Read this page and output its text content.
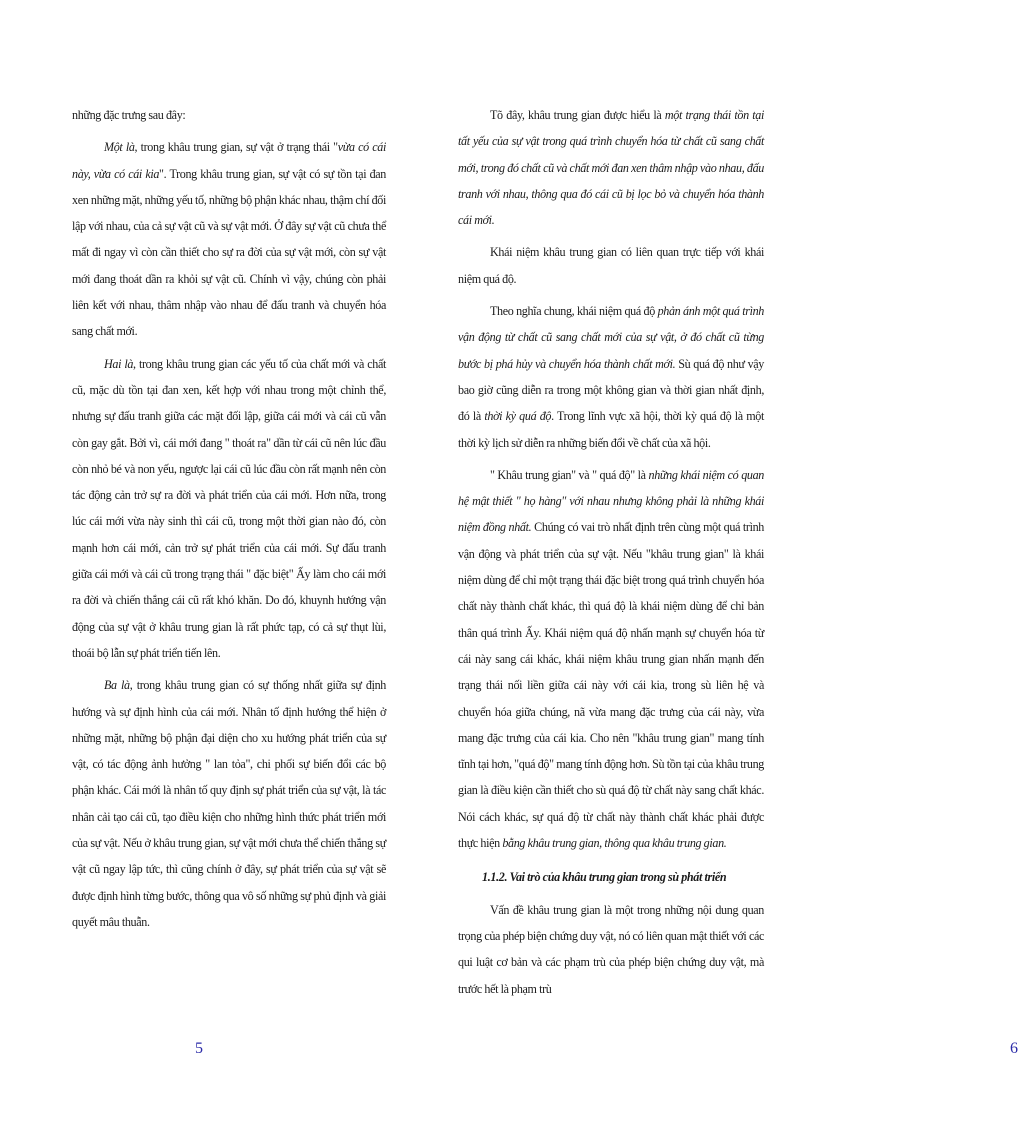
những đặc trưng sau đây:

Một là, trong khâu trung gian, sự vật ở trạng thái "vừa có cái này, vừa có cái kia". Trong khâu trung gian, sự vật có sự tồn tại đan xen những mặt, những yếu tố, những bộ phận khác nhau, thậm chí đối lập với nhau, của cả sự vật cũ và sự vật mới. Ở đây sự vật cũ chưa thể mất đi ngay vì còn cần thiết cho sự ra đời của sự vật mới, còn sự vật mới đang thoát dần ra khỏi sự vật cũ. Chính vì vậy, chúng còn phải liên kết với nhau, thâm nhập vào nhau để đấu tranh và chuyển hóa sang chất mới.

Hai là, trong khâu trung gian các yếu tố của chất mới và chất cũ, mặc dù tồn tại đan xen, kết hợp với nhau trong một chỉnh thể, nhưng sự đấu tranh giữa các mặt đối lập, giữa cái mới và cái cũ vẫn còn gay gắt. Bởi vì, cái mới đang " thoát ra" dần từ cái cũ nên lúc đầu còn nhỏ bé và non yếu, ngược lại cái cũ lúc đầu còn rất mạnh nên còn tác động cản trở sự ra đời và phát triển của cái mới. Hơn nữa, trong lúc cái mới vừa này sinh thì cái cũ, trong một thời gian nào đó, còn mạnh hơn cái mới, cản trở sự phát triển của cái mới. Sự đấu tranh giữa cái mới và cái cũ trong trạng thái " đặc biệt" Ấy làm cho cái mới ra đời và chiến thắng cái cũ rất khó khăn. Do đó, khuynh hướng vận động của sự vật ở khâu trung gian là rất phức tạp, có cả sự thụt lùi, thoái bộ lẫn sự phát triển tiến lên.

Ba là, trong khâu trung gian có sự thống nhất giữa sự định hướng và sự định hình của cái mới. Nhân tố định hướng thể hiện ở những mặt, những bộ phận đại diện cho xu hướng phát triển của sự vật, có tác động ảnh hưởng " lan tỏa", chi phối sự biến đổi các bộ phận khác. Cái mới là nhân tố quy định sự phát triển của sự vật, là tác nhân cải tạo cái cũ, tạo điều kiện cho những hình thức phát triển mới của sự vật. Nếu ở khâu trung gian, sự vật mới chưa thể chiến thắng sự vật cũ ngay lập tức, thì cũng chính ở đây, sự phát triển của sự vật sẽ được định hình từng bước, thông qua vô số những sự phủ định và giải quyết mâu thuẫn.

5

Tõ đây, khâu trung gian được hiểu là một trạng thái tồn tại tất yếu của sự vật trong quá trình chuyển hóa từ chất cũ sang chất mới, trong đó chất cũ và chất mới đan xen thâm nhập vào nhau, đấu tranh với nhau, thông qua đó cái cũ bị lọc bỏ và chuyển hóa thành cái mới.

Khái niệm khâu trung gian có liên quan trực tiếp với khái niệm quá độ.

Theo nghĩa chung, khái niệm quá độ phản ánh một quá trình vận động từ chất cũ sang chất mới của sự vật, ở đó chất cũ từng bước bị phá hủy và chuyển hóa thành chất mới. Sù quá độ như vậy bao giờ cũng diễn ra trong một không gian và thời gian nhất định, đó là thời kỳ quá độ. Trong lĩnh vực xã hội, thời kỳ quá độ là một thời kỳ lịch sử diễn ra những biến đổi về chất của xã hội.

" Khâu trung gian" và " quá độ" là những khái niệm có quan hệ mật thiết " họ hàng" với nhau nhưng không phải là những khái niệm đồng nhất. Chúng có vai trò nhất định trên cùng một quá trình vận động và phát triển của sự vật. Nếu "khâu trung gian" là khái niệm dùng để chỉ một trạng thái đặc biệt trong quá trình chuyển hóa chất này thành chất khác, thì quá độ là khái niệm dùng để chỉ bản thân quá trình Ấy. Khái niệm quá độ nhấn mạnh sự chuyển hóa từ cái này sang cái khác, khái niệm khâu trung gian nhấn mạnh đến trạng thái nối liền giữa cái này với cái kia, trong sù liên hệ và chuyển hóa giữa chúng, nã vừa mang đặc trưng của cái này, vừa mang đặc trưng của cái kia. Cho nên "khâu trung gian" mang tính tĩnh tại hơn, "quá độ" mang tính động hơn. Sù tồn tại của khâu trung gian là điều kiện cần thiết cho sù quá độ từ chất này sang chất khác. Nói cách khác, sự quá độ từ chất này thành chất khác phải được thực hiện bằng khâu trung gian, thông qua khâu trung gian.

1.1.2. Vai trò của khâu trung gian trong sù phát triển

Vấn đề khâu trung gian là một trong những nội dung quan trọng của phép biện chứng duy vật, nó có liên quan mật thiết với các qui luật cơ bản và các phạm trù của phép biện chứng duy vật, mà trước hết là phạm trù

6
